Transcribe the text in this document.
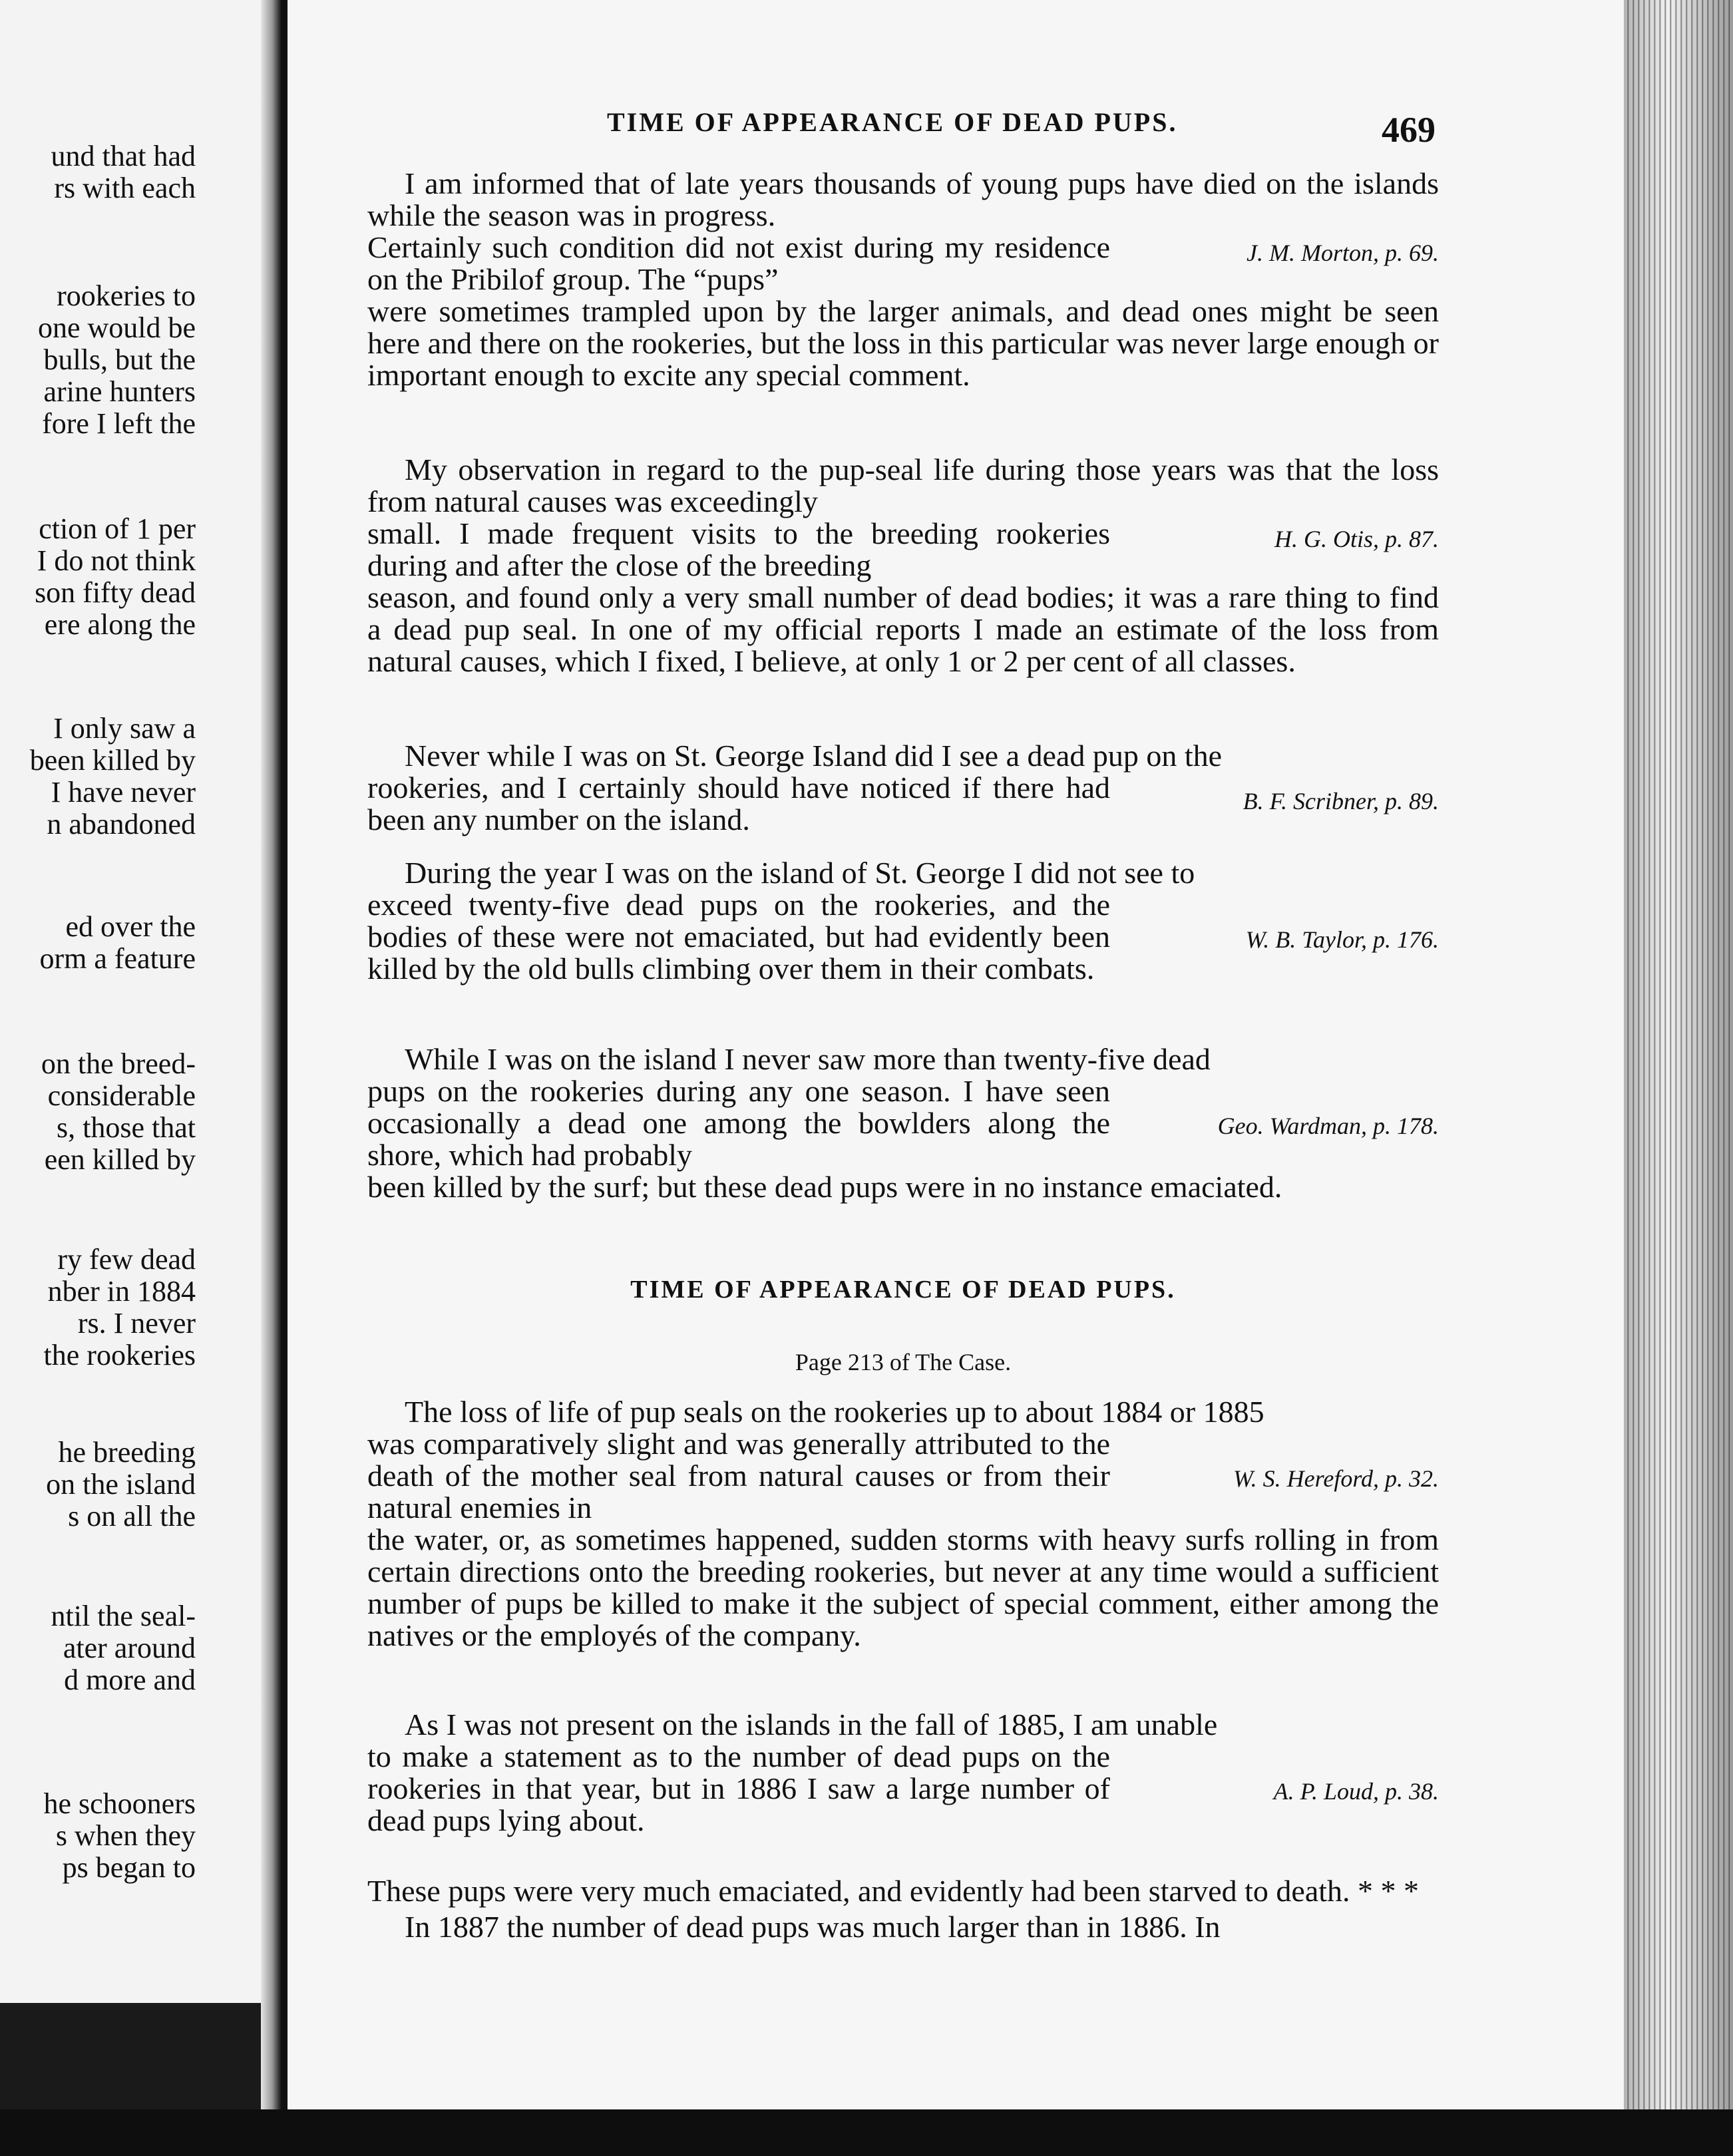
und that had

rs with each

rookeries to

one would be

bulls, but the

arine hunters

fore I left the

ction of 1 per

I do not think

son fifty dead

ere along the

I only saw a

been killed by

I have never

n abandoned

ed over the

orm a feature

on the breed-

considerable

s, those that

een killed by

ry few dead

nber in 1884

rs. I never

the rookeries

he breeding

on the island

s on all the

ntil the seal-

ater around

d more and

he schooners

s when they

ps began to

TIME OF APPEARANCE OF DEAD PUPS.	469

I am informed that of late years thousands of young pups have died on the islands while the season was in progress.

Certainly such condition did not exist during my residence on the Pribilof group. The “pups”

J. M. Morton, p. 69.

were sometimes trampled upon by the larger animals, and dead ones might be seen here and there on the rookeries, but the loss in this particular was never large enough or important enough to excite any special comment.

My observation in regard to the pup-seal life during those years was that the loss from natural causes was exceedingly

small. I made frequent visits to the breeding rookeries during and after the close of the breeding

H. G. Otis, p. 87.

season, and found only a very small number of dead bodies; it was a rare thing to find a dead pup seal. In one of my official reports I made an estimate of the loss from natural causes, which I fixed, I believe, at only 1 or 2 per cent of all classes.

Never while I was on St. George Island did I see a dead pup on the

rookeries, and I certainly should have noticed if there had been any number on the island.

B. F. Scribner, p. 89.

During the year I was on the island of St. George I did not see to

exceed twenty-five dead pups on the rookeries, and the bodies of these were not emaciated, but had evidently been killed by the old bulls climbing over them in their combats.

W. B. Taylor, p. 176.

While I was on the island I never saw more than twenty-five dead

pups on the rookeries during any one season. I have seen occasionally a dead one among the bowlders along the shore, which had probably

Geo. Wardman, p. 178.

been killed by the surf; but these dead pups were in no instance emaciated.

TIME OF APPEARANCE OF DEAD PUPS.
Page 213 of The Case.

The loss of life of pup seals on the rookeries up to about 1884 or 1885

was comparatively slight and was generally attributed to the death of the mother seal from natural causes or from their natural enemies in

W. S. Hereford, p. 32.

the water, or, as sometimes happened, sudden storms with heavy surfs rolling in from certain directions onto the breeding rookeries, but never at any time would a sufficient number of pups be killed to make it the subject of special comment, either among the natives or the employés of the company.

As I was not present on the islands in the fall of 1885, I am unable

to make a statement as to the number of dead pups on the rookeries in that year, but in 1886 I saw a large number of dead pups lying about.

A. P. Loud, p. 38.

These pups were very much emaciated, and evidently had been starved to death. * * *

In 1887 the number of dead pups was much larger than in 1886. In
